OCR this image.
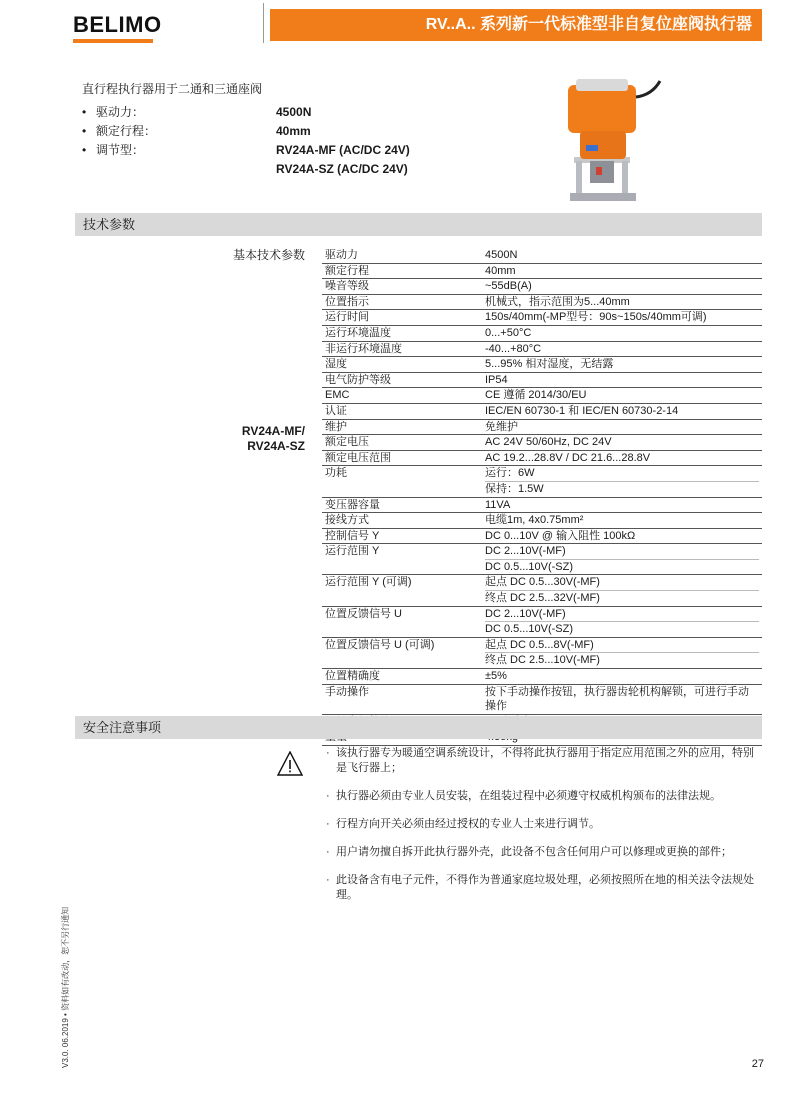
BELIMO	RV..A.. 系列新一代标准型非自复位座阀执行器
直行程执行器用于二通和三通座阀
• 驱动力：	4500N
• 额定行程：	40mm
• 调节型：	RV24A-MF (AC/DC 24V)
RV24A-SZ (AC/DC 24V)
技术参数
基本技术参数
RV24A-MF/
RV24A-SZ
驱动力	4500N

额定行程	40mm

噪音等级	~55dB(A)

位置指示	机械式，指示范围为5...40mm

运行时间	150s/40mm(-MP型号：90s~150s/40mm可调)

运行环境温度	0...+50°C

非运行环境温度	-40...+80°C

湿度	5...95% 相对湿度，无结露

电气防护等级	IP54

EMC	CE 遵循 2014/30/EU

认证	IEC/EN 60730-1 和 IEC/EN 60730-2-14

维护	免维护

额定电压	AC 24V 50/60Hz, DC 24V

额定电压范围	AC 19.2...28.8V / DC 21.6...28.8V

功耗	运行：6W
保持：1.5W

变压器容量	11VA

接线方式	电缆1m, 4x0.75mm²

控制信号 Y	DC 0...10V @ 输入阻性 100kΩ

运行范围 Y	DC 2...10V(-MF)
DC 0.5...10V(-SZ)

运行范围 Y (可调)	起点 DC 0.5...30V(-MF)
终点 DC 2.5...32V(-MF)

位置反馈信号 U	DC 2...10V(-MF)
DC 0.5...10V(-SZ)

位置反馈信号 U (可调)	起点 DC 0.5...8V(-MF)
终点 DC 2.5...10V(-MF)

位置精确度	±5%

手动操作	按下手动操作按钮，执行器齿轮机构解锁，可进行手动操作

安全注意事项
· 该执行器专为暖通空调系统设计，不得将此执行器用于指定应用范围之外的应用，特别是飞行器上；
· 执行器必须由专业人员安装，在组装过程中必须遵守权威机构颁布的法律法规。
· 行程方向开关必须由经过授权的专业人士来进行调节。
· 用户请勿擅自拆开此执行器外壳，此设备不包含任何用户可以修理或更换的部件；
· 此设备含有电子元件，不得作为普通家庭垃圾处理，必须按照所在地的相关法令法规处理。
V3.0. 06.2019 • 资料如有改动，恕不另行通知	27
